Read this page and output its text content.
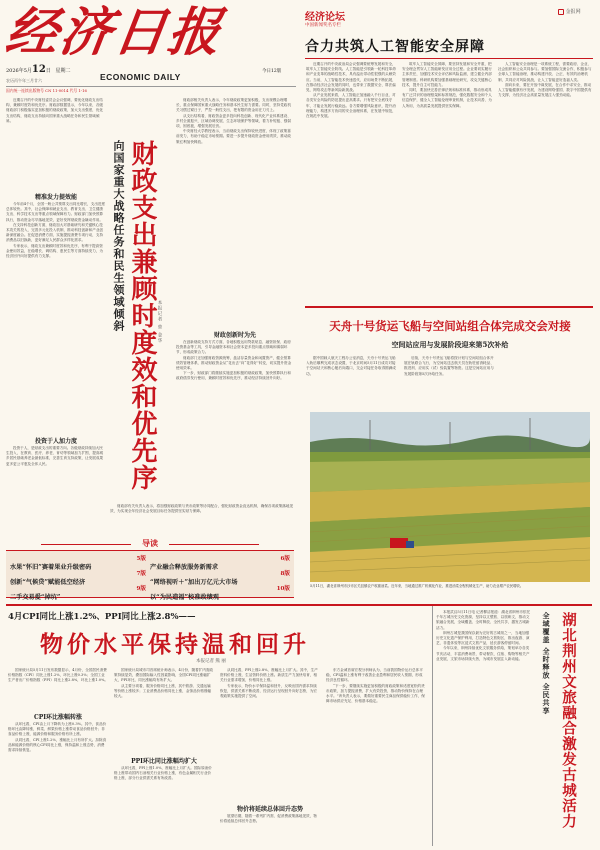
经济日报
ECONOMIC DAILY
2026年5月12日 星期二
农历丙午年三月廿六
今日12版
国内统一连续出版物号 CN 11-0014 代号 1-16
金报网
经济论坛
中国新闻奖名专栏
合力共筑人工智能安全屏障

近期召开的中央政治局会议强调要统筹发展和安全，筑牢人工智能安全防线。人工智能是引领新一轮科技革命和产业变革的战略性技术，具有溢出带动性很强的头雁效应。当前，人工智能技术快速迭代，应用场景不断拓展，在推动经济社会发展的同时，也带来了数据安全、算法偏见、网络攻击等新风险新挑战。

从产业发展来看，人工智能正加速融入千行百业，对各类安全风险的防范提出更高要求。只有把安全底线守牢，才能让发展行稳致远。各方要增强风险意识，提升治理能力，构建多方协同的安全治理体系，在发展中规范，在规范中发展。

筑牢人工智能安全屏障，要坚持发展和安全并重，把安全理念贯穿人工智能研发应用全过程。企业要切实履行主体责任，加强技术安全评估和风险监测，建立健全内部管理制度。科研机构要加强基础理论研究，攻克关键核心技术，提升自主可控能力。

同时，要加快完善法律法规和标准体系，推动形成具有广泛共识的治理框架和标准规范，强化数据安全和个人信息保护，健全人工智能伦理审查机制，让技术向善、为人所用，为高质量发展提供坚实保障。

人工智能安全治理是一项系统工程，需要政府、企业、社会组织和公众共同参与。要加强国际交流合作，积极参与全球人工智能治理，推动构建开放、公正、有效的治理机制，共同应对风险挑战，让人工智能更好造福人类。

面向未来，要在开放中谋发展，在合作中求安全，推动人工智能健康有序发展，为建设网络强国、数字中国提供有力支撑，为经济社会高质量发展注入强劲动能。

近期召开的中央财经委员会会议强调，要优化财政支出结构，兼顾时度效和优先序。财政部数据显示，今年以来，各级财政部门积极落实更加积极的财政政策，加大支出强度，优化支出结构，财政支出持续向国家重大战略任务和民生领域倾斜。

精准发力提效能

今年前4个月，全国一般公共预算支出同比增长，支出进度总体较快。其中，社会保障和就业支出、教育支出、卫生健康支出、科学技术支出等重点领域保障有力。财政部门加快预算执行，推动资金尽早落地见效，更好发挥财政资金撬动作用。

在支持科技创新方面，财政加大对基础研究和关键核心技术攻关的投入，完善多元化投入机制，推动科技创新和产业创新深度融合。在促进消费方面，实施提振消费专项行动，支持消费品以旧换新，更好满足人民群众多样化需求。

专家表示，财政支出兼顾时度效和优先序，有利于提高资金使用效益，在稳增长、调结构、惠民生等方面持续发力，为经济回升向好提供有力支撑。

投资于人加力度

投资于人，是财政支出的重要方向。各级财政持续加大民生投入，在教育、医疗、养老、育幼等领域加力扩围，提高城乡居民基础养老金最低标准，完善生育支持政策，让发展成果更多更公平惠及全体人民。	财政支出兼顾时度效和优先序
向国家重大战略任务和民生领域倾斜	本报记者 曾 金华

财政部相关负责人表示，今年财政政策更加积极，支出规模合理增长，重点保障国家重大战略任务和基本民生财力需要。同时，坚持党政机关习惯过紧日子，严控一般性支出，把有限的资金用在刀刃上。

从支出结构看，财政资金更多投向科技创新、现代化产业体系建设、乡村全面振兴、区域协调发展、生态环境保护等领域，着力补短板、强弱项、固底板，增强发展后劲。

中央财经大学教授表示，当前财政支出保持较快进度，体现了政策靠前发力，有助于稳定市场预期。要进一步提升财政资金使用绩效，推动政策红利加快释放。

财政创新时为先

在创新财政支持方式方面，各地积极运用贷款贴息、融资担保、政府投资基金等工具，引导金融资本和社会资本更多投向重点领域和薄弱环节，形成政策合力。

财政部门还加强财政资源统筹，盘活存量资金和闲置资产，健全预算绩效管理体系，推动财政资金从“花出去”向“花得好”转变，切实提升资金使用效率。

下一步，财政部门将继续实施更加积极的财政政策，加快预算执行和政府债券发行使用，兼顾时度效和优先序，推动经济持续回升向好。

财政部有关负责人表示，将加强财政政策与货币政策等协同配合，强化财政资金直达机制，确保各项政策落地见效，为实现全年经济社会发展目标任务提供坚实财力保障。

天舟十号货运飞船与空间站组合体完成交会对接
空间站应用与发展阶段迎来第5次补给

据中国载人航天工程办公室消息，天舟十号货运飞船入轨后顺利完成状态设置，于北京时间5月11日成功对接于空间站天和核心舱后向端口，交会对接任务取得圆满成功。

后续，天舟十号货运飞船将按计划与空间站组合体开展在轨联合飞行，为空间站送去航天员在轨驻留消耗品、推进剂、应用实（试）验装置等物资。这是空间站应用与发展阶段第5次补给任务。

5月11日，湖北省荆州市沙市区关沮镇农户收割油菜。近年来，当地通过推广机械化作业，推进油菜全程机械化生产，助力农业增产农民增收。
导读
水果“怀旧”赛着果业升级密码
5版
产业融合释放服务新需求
6版
创新“气候贷”赋能低空经济
7版
“网络视听＋”加出万亿元大市场
8版
二手交易爱“掉坑”
9版
以“为民造福”校准政绩观
10版
4月CPI同比上涨1.2%、PPI同比上涨2.8%——
物价水平保持温和回升
本报记者 熊 丽

国家统计局5月11日发布数据显示，4月份，全国居民消费价格指数（CPI）同比上涨1.2%，环比上涨0.3%；全国工业生产者出厂价格指数（PPI）同比上涨2.8%，环比上涨1.0%。

CPI环比涨幅转涨

从环比看，CPI由上月下降转为上涨0.3%。其中，食品价格环比由降转涨，鲜菜、鲜果价格上涨带动食品价格回升；非食品价格上涨，能源价格和服务价格有所上涨。

从同比看，CPI上涨1.2%，涨幅比上月有所扩大。扣除食品和能源价格的核心CPI同比上涨，保持温和上涨态势，消费需求持续恢复。

国家统计局城市司首席统计师表示，4月份，随着扩内需政策持续显效，叠加国际输入性因素影响，全国CPI同比涨幅扩大，PPI环比、同比涨幅均有所扩大。

从主要分项看，服务价格同比上涨，其中旅游、交通运输等价格上涨较多；工业消费品价格同比上涨，金饰品价格涨幅较大。

PPI环比同比涨幅均扩大

从环比看，PPI上涨1.0%，涨幅比上月扩大。国际原油价格上涨带动国内石油相关行业价格上涨，有色金属相关行业价格上涨，部分行业供需关系有所改善。

从同比看，PPI上涨2.8%，涨幅比上月扩大。其中，生产资料价格上涨，生活资料价格上涨。新质生产力加快培育，相关行业需求增加，价格同比上涨。

专家表示，物价水平保持温和回升，反映出国内需求持续恢复，供需关系不断改善，经济运行呈现回升向好态势，为宏观政策实施提供了空间。

物价将延续总体回升态势

展望后期，随着一系列扩内需、促消费政策落地见效，物价将延续总体回升态势。

东方金诚首席宏观分析师认为，当前我国物价运行总体平稳，CPI温和上涨有利于改善企业盈利和居民收入预期，形成经济良性循环。

“下一步，要继续实施更加积极的财政政策和适度宽松的货币政策，加力提振消费，扩大有效投资，推动物价保持在合理水平。”该负责人表示，要做好重要民生商品保供稳价工作，保障市场供应充足、价格基本稳定。

本报武汉5月11日电 记者柳洁报道：湖北省荆州市依托千年古城历史文化资源，坚持以文塑旅、以旅彰文，推动文旅融合发展，全域覆盖、全时释放、全民共享，激发古城新活力。

荆州古城是我国保存最为完好的古城垣之一，当地加强历史文化遗产保护利用，打造特色文旅街区，推出夜游、演艺、非遗体验等沉浸式文旅产品，延长游客停留时间。

今年以来，荆州持续优化文旅服务供给，策划举办各类节庆活动，丰富消费场景，带动餐饮、住宿、购物等相关产业发展，文旅市场持续火热，为城市发展注入新动能。	湖北荆州文旅融合激发古城活力
全域覆盖 全时释放 全民共享
